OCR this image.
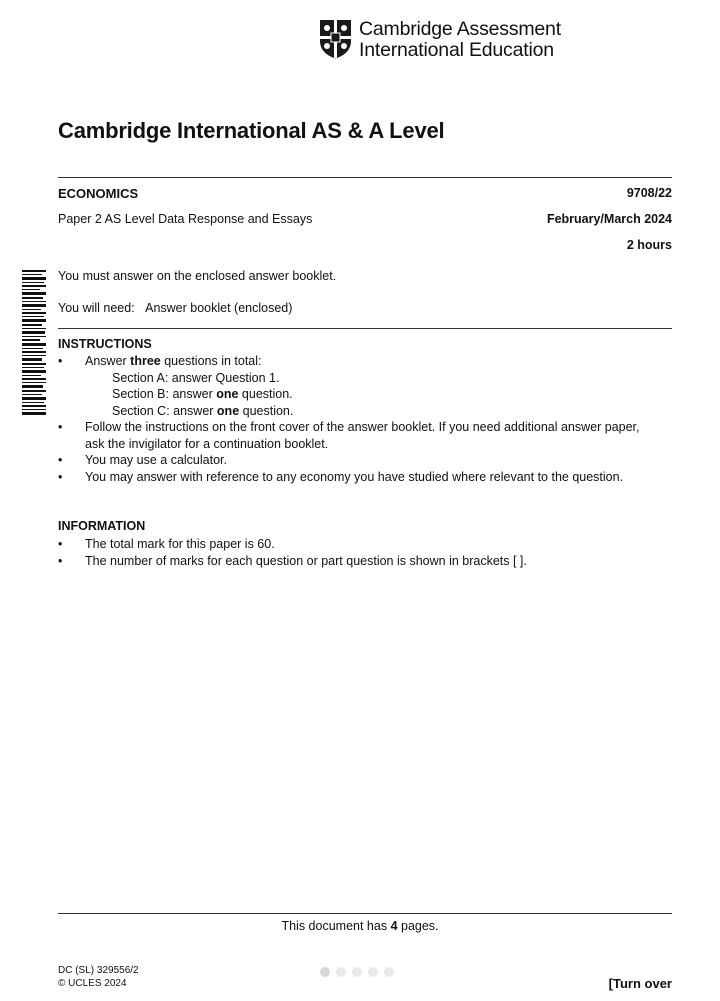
Cambridge Assessment
International Education
Cambridge International AS & A Level
ECONOMICS	9708/22
Paper 2 AS Level Data Response and Essays	February/March 2024
2 hours
You must answer on the enclosed answer booklet.
You will need: Answer booklet (enclosed)
INSTRUCTIONS
• Answer three questions in total:
Section A: answer Question 1.
Section B: answer one question.
Section C: answer one question.
• Follow the instructions on the front cover of the answer booklet. If you need additional answer paper,
ask the invigilator for a continuation booklet.
• You may use a calculator.
• You may answer with reference to any economy you have studied where relevant to the question.
INFORMATION
• The total mark for this paper is 60.
• The number of marks for each question or part question is shown in brackets [ ].
This document has 4 pages.
DC (SL) 329556/2
© UCLES 2024	[Turn over
